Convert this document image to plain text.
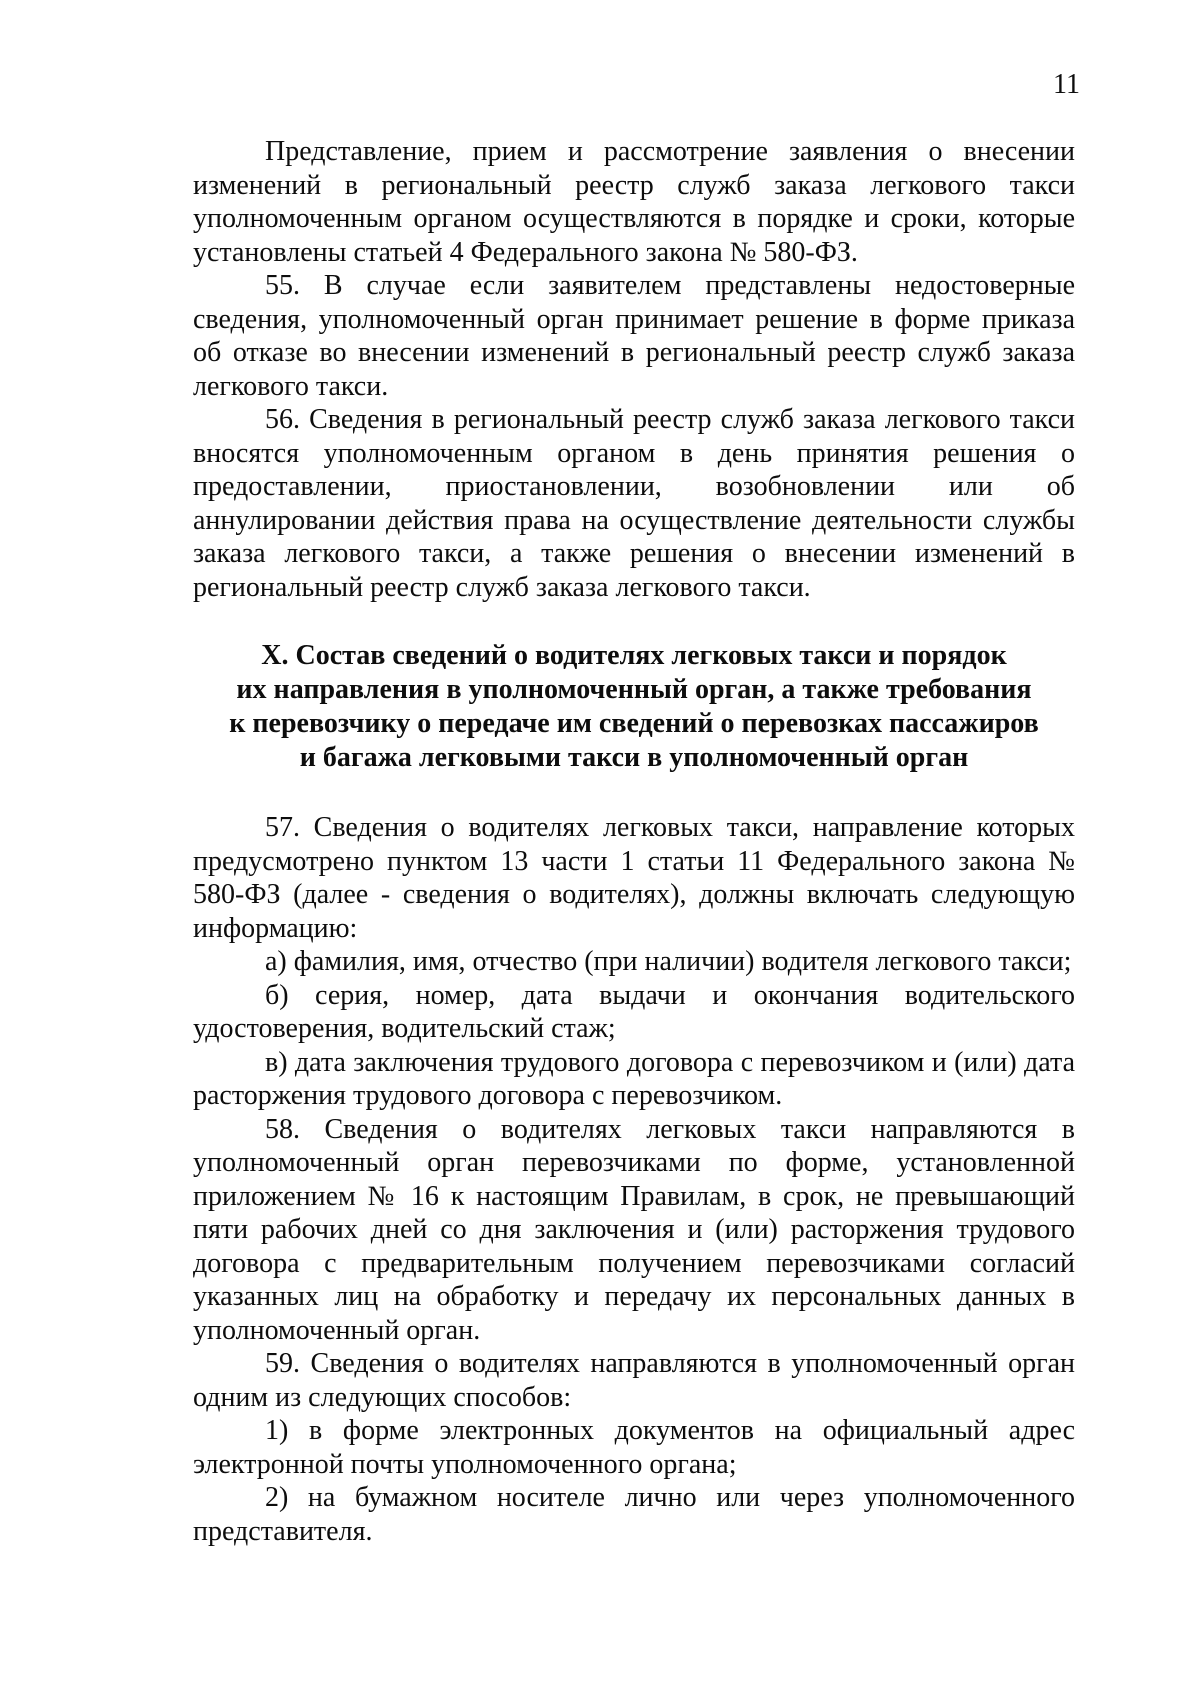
11

Представление, прием и рассмотрение заявления о внесении изменений в региональный реестр служб заказа легкового такси уполномоченным органом осуществляются в порядке и сроки, которые установлены статьей 4 Федерального закона № 580-ФЗ.

55. В случае если заявителем представлены недостоверные сведения, уполномоченный орган принимает решение в форме приказа об отказе во внесении изменений в региональный реестр служб заказа легкового такси.

56. Сведения в региональный реестр служб заказа легкового такси вносятся уполномоченным органом в день принятия решения о предоставлении, приостановлении, возобновлении или об аннулировании действия права на осуществление деятельности службы заказа легкового такси, а также решения о внесении изменений в региональный реестр служб заказа легкового такси.

X. Состав сведений о водителях легковых такси и порядок
их направления в уполномоченный орган, а также требования
к перевозчику о передаче им сведений о перевозках пассажиров
и багажа легковыми такси в уполномоченный орган

57. Сведения о водителях легковых такси, направление которых предусмотрено пунктом 13 части 1 статьи 11 Федерального закона № 580-ФЗ (далее - сведения о водителях), должны включать следующую информацию:

а) фамилия, имя, отчество (при наличии) водителя легкового такси;

б) серия, номер, дата выдачи и окончания водительского удостоверения, водительский стаж;

в) дата заключения трудового договора с перевозчиком и (или) дата расторжения трудового договора с перевозчиком.

58. Сведения о водителях легковых такси направляются в уполномоченный орган перевозчиками по форме, установленной приложением № 16 к настоящим Правилам, в срок, не превышающий пяти рабочих дней со дня заключения и (или) расторжения трудового договора с предварительным получением перевозчиками согласий указанных лиц на обработку и передачу их персональных данных в уполномоченный орган.

59. Сведения о водителях направляются в уполномоченный орган одним из следующих способов:

1) в форме электронных документов на официальный адрес электронной почты уполномоченного органа;

2) на бумажном носителе лично или через уполномоченного представителя.
